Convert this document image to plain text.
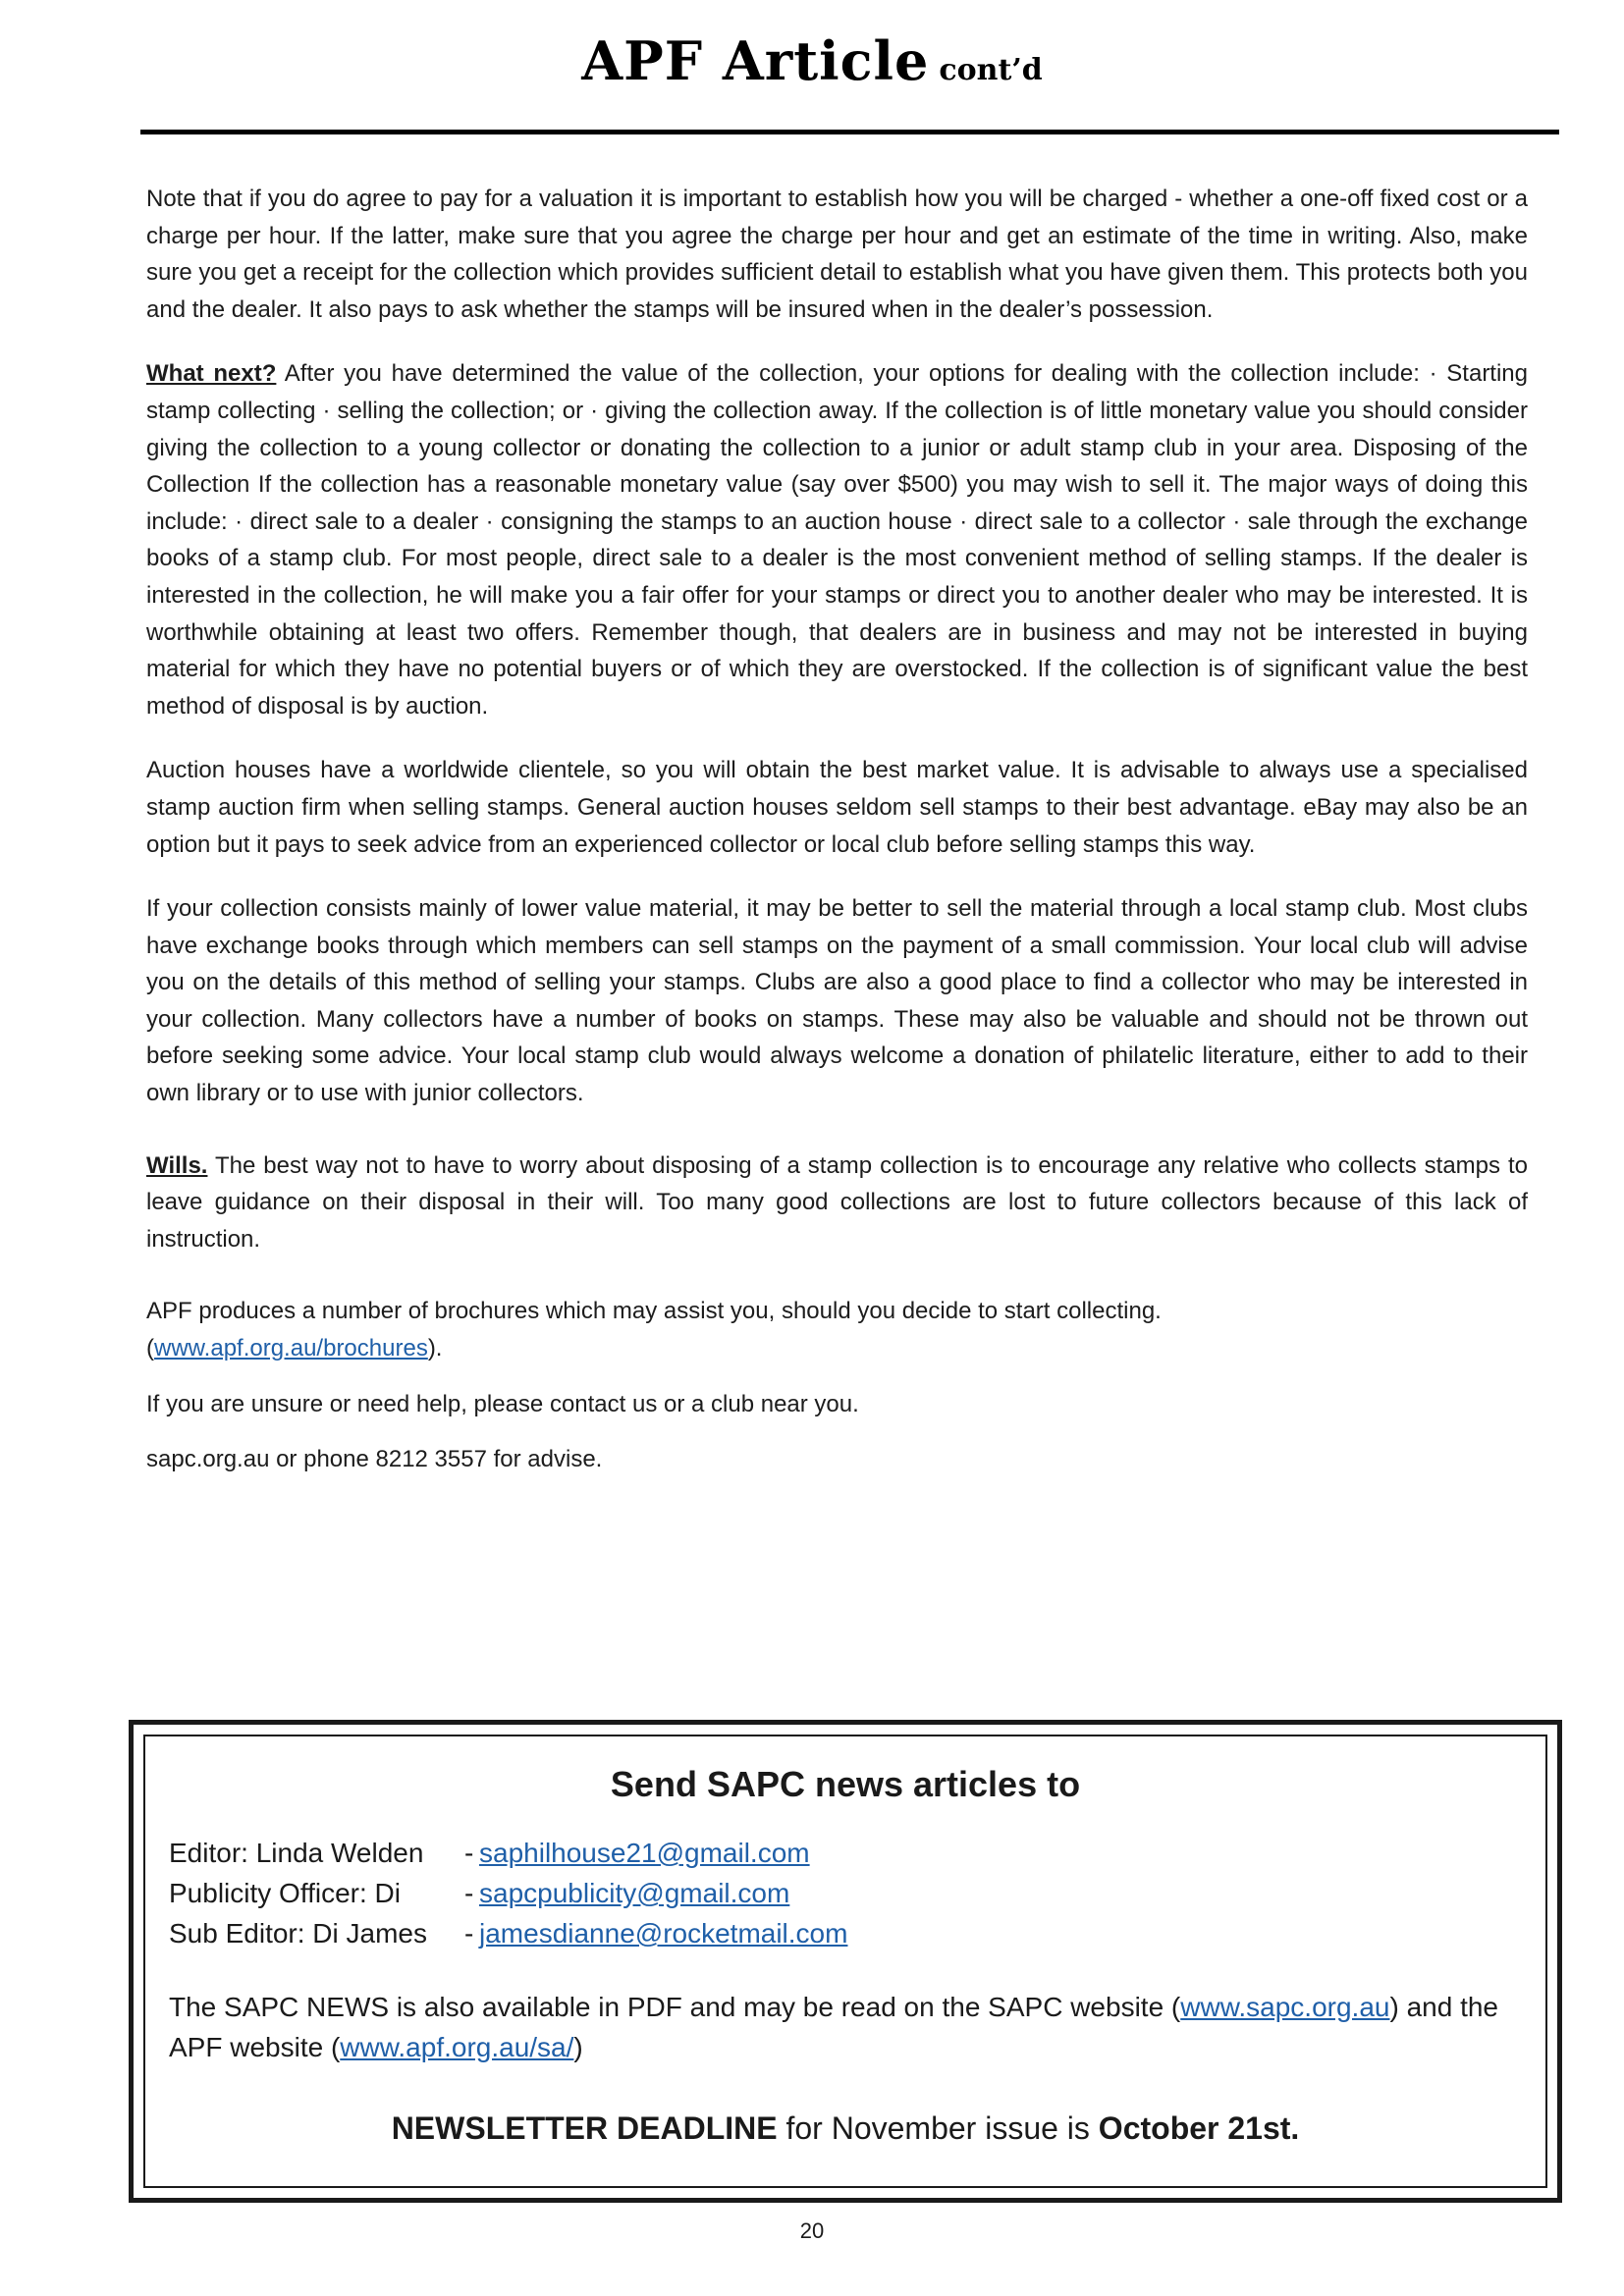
APF Article cont’d

Note that if you do agree to pay for a valuation it is important to establish how you will be charged - whether a one-off fixed cost or a charge per hour. If the latter, make sure that you agree the charge per hour and get an estimate of the time in writing. Also, make sure you get a receipt for the collection which provides sufficient detail to establish what you have given them. This protects both you and the dealer. It also pays to ask whether the stamps will be insured when in the dealer’s possession.

What next? After you have determined the value of the collection, your options for dealing with the collection include: · Starting stamp collecting · selling the collection; or · giving the collection away. If the collection is of little monetary value you should consider giving the collection to a young collector or donating the collection to a junior or adult stamp club in your area. Disposing of the Collection If the collection has a reasonable monetary value (say over $500) you may wish to sell it. The major ways of doing this include: · direct sale to a dealer · consigning the stamps to an auction house · direct sale to a collector · sale through the exchange books of a stamp club. For most people, direct sale to a dealer is the most convenient method of selling stamps. If the dealer is interested in the collection, he will make you a fair offer for your stamps or direct you to another dealer who may be interested. It is worthwhile obtaining at least two offers. Remember though, that dealers are in business and may not be interested in buying material for which they have no potential buyers or of which they are overstocked. If the collection is of significant value the best method of disposal is by auction.

Auction houses have a worldwide clientele, so you will obtain the best market value. It is advisable to always use a specialised stamp auction firm when selling stamps. General auction houses seldom sell stamps to their best advantage. eBay may also be an option but it pays to seek advice from an experienced collector or local club before selling stamps this way.

If your collection consists mainly of lower value material, it may be better to sell the material through a local stamp club. Most clubs have exchange books through which members can sell stamps on the payment of a small commission. Your local club will advise you on the details of this method of selling your stamps. Clubs are also a good place to find a collector who may be interested in your collection. Many collectors have a number of books on stamps. These may also be valuable and should not be thrown out before seeking some advice. Your local stamp club would always welcome a donation of philatelic literature, either to add to their own library or to use with junior collectors.

Wills. The best way not to have to worry about disposing of a stamp collection is to encourage any relative who collects stamps to leave guidance on their disposal in their will. Too many good collections are lost to future collectors because of this lack of instruction.

APF produces a number of brochures which may assist you, should you decide to start collecting.
(www.apf.org.au/brochures).

If you are unsure or need help, please contact us or a club near you.

sapc.org.au or phone 8212 3557 for advise.

Send SAPC news articles to
Editor: Linda Welden	- saphilhouse21@gmail.com
Publicity Officer: Di	- sapcpublicity@gmail.com
Sub Editor: Di James	- jamesdianne@rocketmail.com
The SAPC NEWS is also available in PDF and may be read on the SAPC website (www.sapc.org.au) and the APF website (www.apf.org.au/sa/)
NEWSLETTER DEADLINE for November issue is October 21st.
20
